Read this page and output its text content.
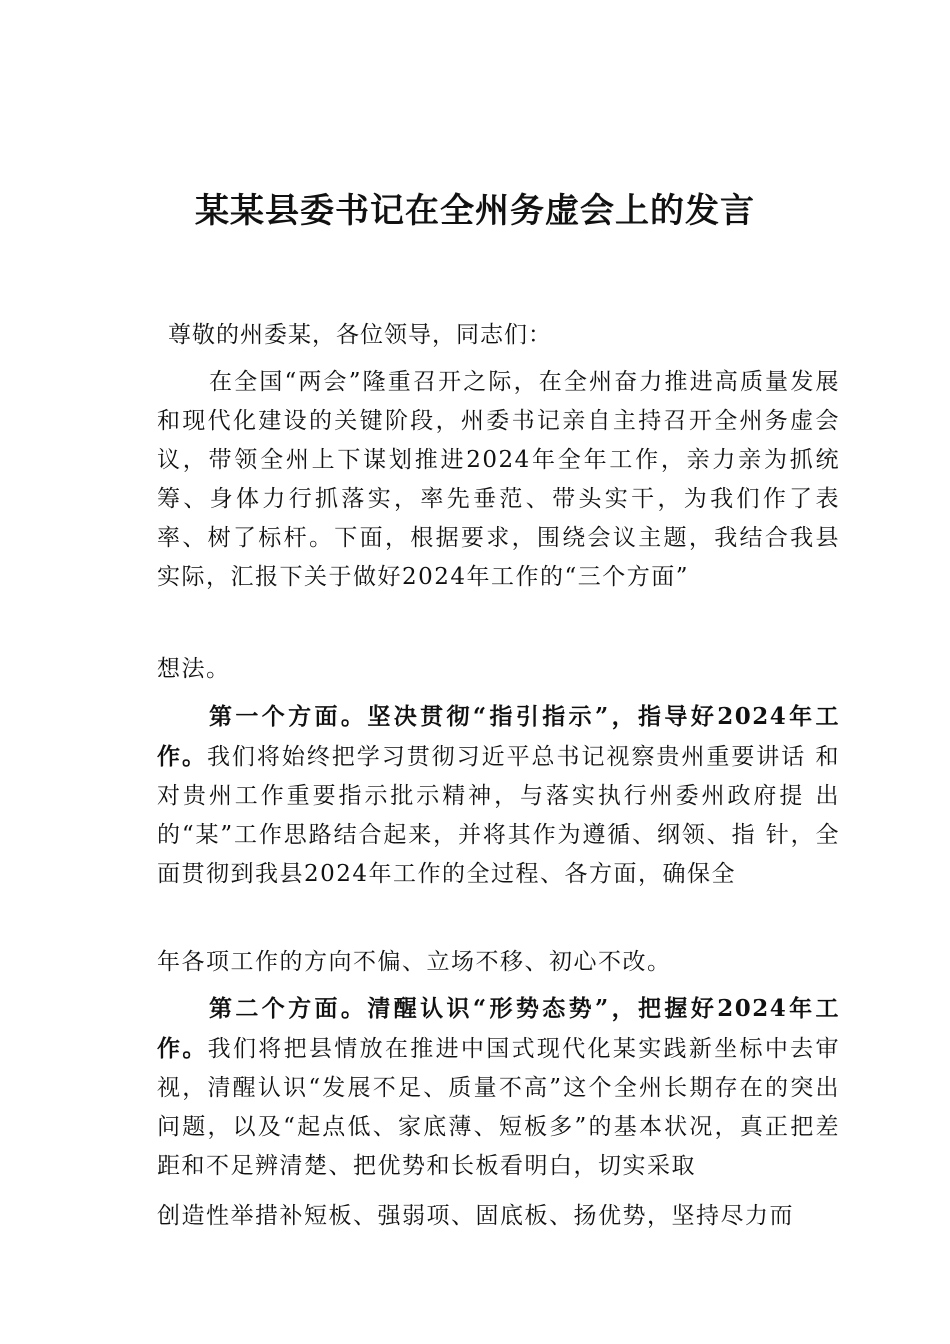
某某县委书记在全州务虚会上的发言
尊敬的州委某，各位领导，同志们：
在全国“两会”隆重召开之际，在全州奋力推进高质量发展和现代化建设的关键阶段，州委书记亲自主持召开全州务虚会议，带领全州上下谋划推进2024年全年工作，亲力亲为抓统筹、身体力行抓落实，率先垂范、带头实干，为我们作了表率、树了标杆。下面，根据要求，围绕会议主题，我结合我县实际，汇报下关于做好2024年工作的“三个方面”
想法。
第一个方面。坚决贯彻“指引指示”，指导好2024年工作。我们将始终把学习贯彻习近平总书记视察贵州重要讲话 和对贵州工作重要指示批示精神，与落实执行州委州政府提 出的“某”工作思路结合起来，并将其作为遵循、纲领、指 针，全面贯彻到我县2024年工作的全过程、各方面，确保全
年各项工作的方向不偏、立场不移、初心不改。
第二个方面。清醒认识“形势态势”，把握好2024年工作。我们将把县情放在推进中国式现代化某实践新坐标中去审视，清醒认识“发展不足、质量不高”这个全州长期存在的突出问题，以及“起点低、家底薄、短板多”的基本状况，真正把差距和不足辨清楚、把优势和长板看明白，切实采取
创造性举措补短板、强弱项、固底板、扬优势，坚持尽力而
